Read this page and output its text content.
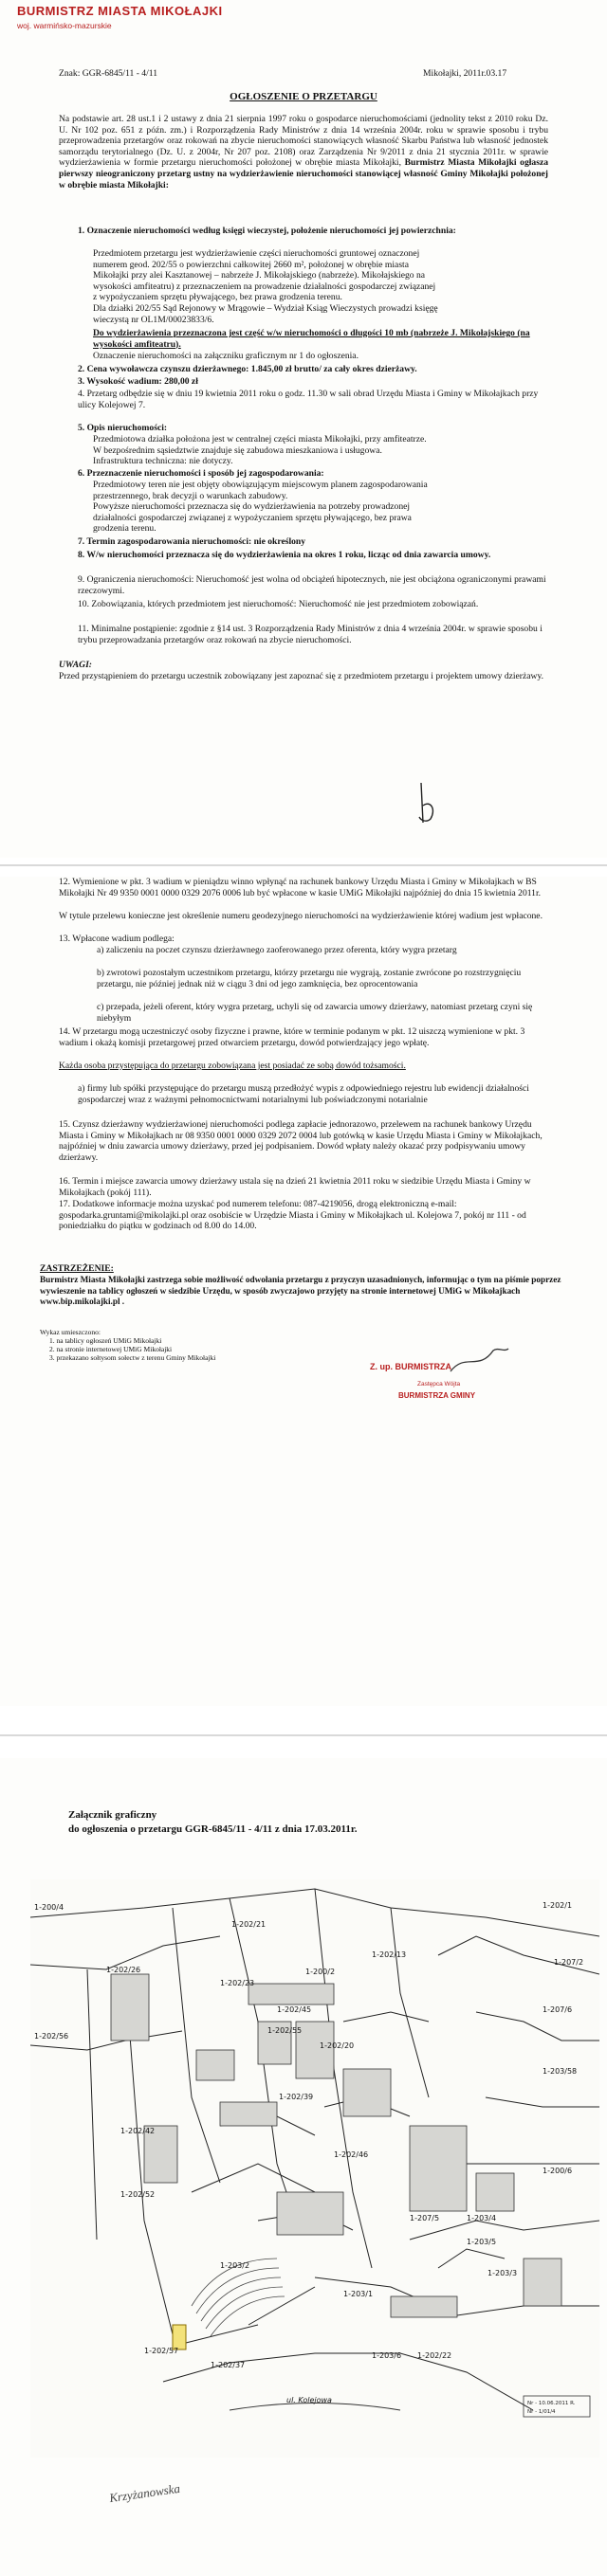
BURMISTRZ MIASTA MIKOŁAJKI
woj. warmińsko-mazurskie
Znak: GGR-6845/11 - 4/11	Mikołajki, 2011r.03.17
OGŁOSZENIE O PRZETARGU
Na podstawie art. 28 ust.1 i 2 ustawy z dnia 21 sierpnia 1997 roku o gospodarce nieruchomościami (jednolity tekst z 2010 roku Dz. U. Nr 102 poz. 651 z późn. zm.) i Rozporządzenia Rady Ministrów z dnia 14 września 2004r. roku w sprawie sposobu i trybu przeprowadzenia przetargów oraz rokowań na zbycie nieruchomości stanowiących własność Skarbu Państwa lub własność jednostek samorządu terytorialnego (Dz. U. z 2004r, Nr 207 poz. 2108) oraz Zarządzenia Nr 9/2011 z dnia 21 stycznia 2011r. w sprawie wydzierżawienia w formie przetargu nieruchomości położonej w obrębie miasta Mikołajki, Burmistrz Miasta Mikołajki ogłasza pierwszy nieograniczony przetarg ustny na wydzierżawienie nieruchomości stanowiącej własność Gminy Mikołajki położonej w obrębie miasta Mikołajki:
1. Oznaczenie nieruchomości według księgi wieczystej, położenie nieruchomości jej powierzchnia:
Przedmiotem przetargu jest wydzierżawienie części nieruchomości gruntowej oznaczonej
numerem geod. 202/55 o powierzchni całkowitej 2660 m², położonej w obrębie miasta
Mikołajki przy alei Kasztanowej – nabrzeże J. Mikołajskiego (nabrzeże). Mikołajskiego na
wysokości amfiteatru) z przeznaczeniem na prowadzenie działalności gospodarczej związanej
z wypożyczaniem sprzętu pływającego, bez prawa grodzenia terenu.
Dla działki 202/55 Sąd Rejonowy w Mrągowie – Wydział Ksiąg Wieczystych prowadzi księgę
wieczystą nr OL1M/00023833/6.
Do wydzierżawienia przeznaczona jest część w/w nieruchomości o długości 10 mb (nabrzeże J. Mikołajskiego (na wysokości amfiteatru).
Oznaczenie nieruchomości na załączniku graficznym nr 1 do ogłoszenia.
2. Cena wywoławcza czynszu dzierżawnego: 1.845,00 zł brutto/ za cały okres dzierżawy.
3. Wysokość wadium: 280,00 zł
4. Przetarg odbędzie się w dniu 19 kwietnia 2011 roku o godz. 11.30 w sali obrad Urzędu Miasta i Gminy w Mikołajkach przy ulicy Kolejowej 7.
5. Opis nieruchomości:
Przedmiotowa działka położona jest w centralnej części miasta Mikołajki, przy amfiteatrze.
W bezpośrednim sąsiedztwie znajduje się zabudowa mieszkaniowa i usługowa.
Infrastruktura techniczna: nie dotyczy.
6. Przeznaczenie nieruchomości i sposób jej zagospodarowania:
Przedmiotowy teren nie jest objęty obowiązującym miejscowym planem zagospodarowania
przestrzennego, brak decyzji o warunkach zabudowy.
Powyższe nieruchomości przeznacza się do wydzierżawienia na potrzeby prowadzonej
działalności gospodarczej związanej z wypożyczaniem sprzętu pływającego, bez prawa
grodzenia terenu.
7. Termin zagospodarowania nieruchomości: nie określony
8. W/w nieruchomości przeznacza się do wydzierżawienia na okres 1 roku, licząc od dnia zawarcia umowy.
9. Ograniczenia nieruchomości: Nieruchomość jest wolna od obciążeń hipotecznych, nie jest obciążona ograniczonymi prawami rzeczowymi.
10. Zobowiązania, których przedmiotem jest nieruchomość: Nieruchomość nie jest przedmiotem zobowiązań.
11. Minimalne postąpienie: zgodnie z §14 ust. 3 Rozporządzenia Rady Ministrów z dnia 4 września 2004r. w sprawie sposobu i trybu przeprowadzania przetargów oraz rokowań na zbycie nieruchomości.
UWAGI:
Przed przystąpieniem do przetargu uczestnik zobowiązany jest zapoznać się z przedmiotem przetargu i projektem umowy dzierżawy.
12. Wymienione w pkt. 3 wadium w pieniądzu winno wpłynąć na rachunek bankowy Urzędu Miasta i Gminy w Mikołajkach w BS Mikołajki Nr 49 9350 0001 0000 0329 2076 0006 lub być wpłacone w kasie UMiG Mikołajki najpóźniej do dnia 15 kwietnia 2011r.
W tytule przelewu konieczne jest określenie numeru geodezyjnego nieruchomości na wydzierżawienie której wadium jest wpłacone.
13. Wpłacone wadium podlega:
a) zaliczeniu na poczet czynszu dzierżawnego zaoferowanego przez oferenta, który wygra przetarg
b) zwrotowi pozostałym uczestnikom przetargu, którzy przetargu nie wygrają, zostanie zwrócone po rozstrzygnięciu przetargu, nie później jednak niż w ciągu 3 dni od jego zamknięcia, bez oprocentowania
c) przepada, jeżeli oferent, który wygra przetarg, uchyli się od zawarcia umowy dzierżawy, natomiast przetarg czyni się niebyłym
14. W przetargu mogą uczestniczyć osoby fizyczne i prawne, które w terminie podanym w pkt. 12 uiszczą wymienione w pkt. 3 wadium i okażą komisji przetargowej przed otwarciem przetargu, dowód potwierdzający jego wpłatę.
Każda osoba przystępująca do przetargu zobowiązana jest posiadać ze sobą dowód tożsamości.
a) firmy lub spółki przystępujące do przetargu muszą przedłożyć wypis z odpowiedniego rejestru lub ewidencji działalności gospodarczej wraz z ważnymi pełnomocnictwami notarialnymi lub poświadczonymi notarialnie
15. Czynsz dzierżawny wydzierżawionej nieruchomości podlega zapłacie jednorazowo, przelewem na rachunek bankowy Urzędu Miasta i Gminy w Mikołajkach nr 08 9350 0001 0000 0329 2072 0004 lub gotówką w kasie Urzędu Miasta i Gminy w Mikołajkach, najpóźniej w dniu zawarcia umowy dzierżawy, przed jej podpisaniem. Dowód wpłaty należy okazać przy podpisywaniu umowy dzierżawy.
16. Termin i miejsce zawarcia umowy dzierżawy ustala się na dzień 21 kwietnia 2011 roku w siedzibie Urzędu Miasta i Gminy w Mikołajkach (pokój 111).
17. Dodatkowe informacje można uzyskać pod numerem telefonu: 087-4219056, drogą elektroniczną e-mail: gospodarka.gruntami@mikolajki.pl oraz osobiście w Urzędzie Miasta i Gminy w Mikołajkach ul. Kolejowa 7, pokój nr 111 - od poniedziałku do piątku w godzinach od 8.00 do 14.00.
ZASTRZEŻENIE:
Burmistrz Miasta Mikołajki zastrzega sobie możliwość odwołania przetargu z przyczyn uzasadnionych, informując o tym na piśmie poprzez wywieszenie na tablicy ogłoszeń w siedzibie Urzędu, w sposób zwyczajowo przyjęty na stronie internetowej UMiG w Mikołajkach www.bip.mikolajki.pl .
Wykaz umieszczono:
1. na tablicy ogłoszeń UMiG Mikołajki
2. na stronie internetowej UMiG Mikołajki
3. przekazano sołtysom sołectw z terenu Gminy Mikołajki
Z. up. BURMISTRZA
Zastępca Wójta
BURMISTRZA GMINY
Załącznik graficzny
do ogłoszenia o przetargu GGR-6845/11 - 4/11 z dnia 17.03.2011r.
1-200/4
1-202/21
1-202/23
1-200/2
1-202/45
1-202/55
1-202/26
1-202/56
1-202/20
1-202/39
1-202/42
1-202/52
1-202/46
1-203/2
1-202/57
1-203/1
1-202/37
1-202/1
1-207/2
1-207/6
1-207/5	1-203/4
1-203/5
1-203/3
1-203/58
1-200/6
1-203/6
1-202/13
1-202/22
ul. Kolejowa	Nr - 10.06.2011 R.
Nr - 1/01/4
Krzyżanowska
